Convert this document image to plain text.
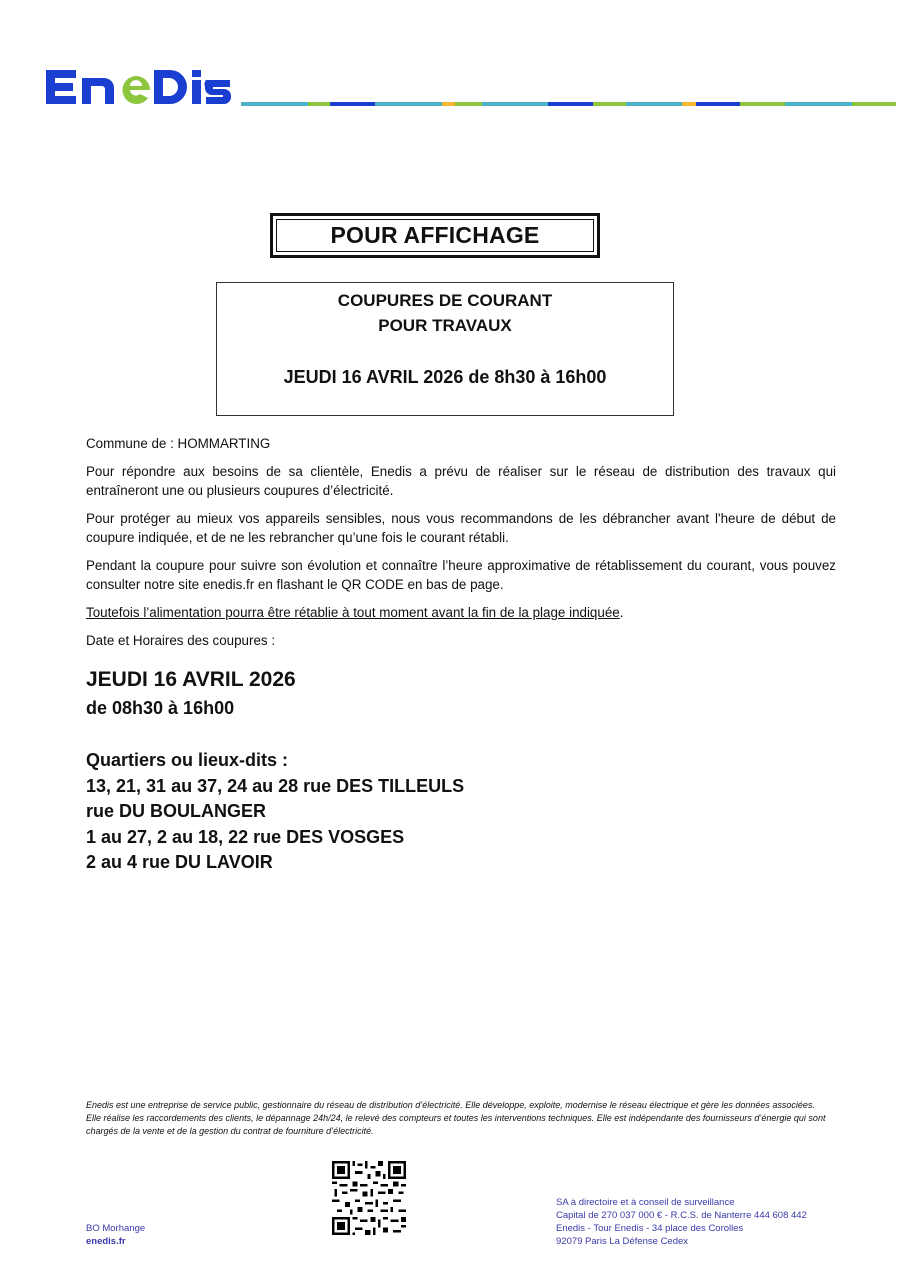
POUR AFFICHAGE
COUPURES DE COURANT
POUR TRAVAUX
JEUDI 16 AVRIL 2026 de 8h30 à 16h00

Commune de : HOMMARTING

Pour répondre aux besoins de sa clientèle, Enedis a prévu de réaliser sur le réseau de distribution des travaux qui entraîneront une ou plusieurs coupures d’électricité.

Pour protéger au mieux vos appareils sensibles, nous vous recommandons de les débrancher avant l'heure de début de coupure indiquée, et de ne les rebrancher qu’une fois le courant rétabli.

Pendant la coupure pour suivre son évolution et connaître l’heure approximative de rétablissement du courant, vous pouvez consulter notre site enedis.fr en flashant le QR CODE en bas de page.

Toutefois l’alimentation pourra être rétablie à tout moment avant la fin de la plage indiquée.

Date et Horaires des coupures :

JEUDI 16 AVRIL 2026
de 08h30 à 16h00
Quartiers ou lieux-dits :
13, 21, 31 au 37, 24 au 28 rue DES TILLEULS
rue DU BOULANGER
1 au 27, 2 au 18, 22 rue DES VOSGES
2 au 4 rue DU LAVOIR
Enedis est une entreprise de service public, gestionnaire du réseau de distribution d’électricité. Elle développe, exploite, modernise le réseau électrique et gère les données associées. Elle réalise les raccordements des clients, le dépannage 24h/24, le relevé des compteurs et toutes les interventions techniques. Elle est indépendante des fournisseurs d’énergie qui sont chargés de la vente et de la gestion du contrat de fourniture d’électricité.
BO Morhange
enedis.fr
SA à directoire et à conseil de surveillance
Capital de 270 037 000 € - R.C.S. de Nanterre 444 608 442
Enedis - Tour Enedis - 34 place des Corolles
92079 Paris La Défense Cedex
